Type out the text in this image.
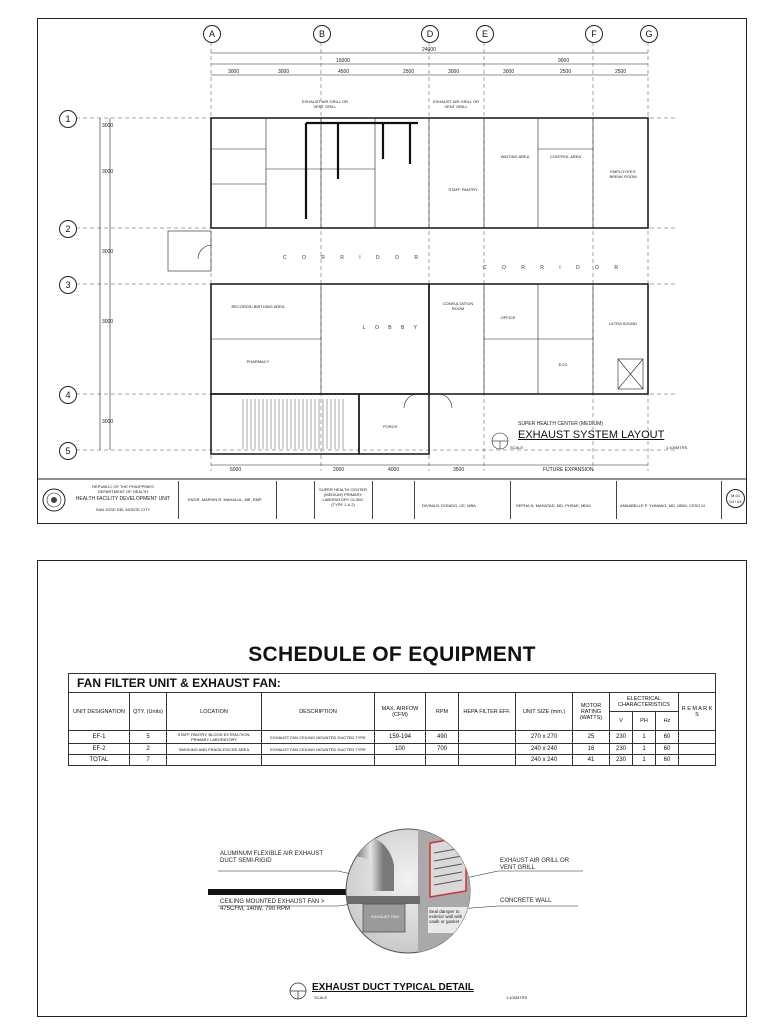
A	B	D	E	F	G
1
2
3
4
5
24000
15000	9000
3000	3000	4500	2500	3000	3000	2500	2500
3000
3000
3000
3000
3000
6000	2000	4000	3500	FUTURE EXPANSION
C O R R I D O R
C O R R I D O R
L O B B Y
PORCH
EXHAUST AIR GRILL OR VENT GRILL
EXHAUST AIR GRILL OR VENT GRILL
WAITING AREA
STAFF PANTRY
CONTROL AREA
EMPLOYEE'S BREAK ROOM
RECORDS/ BIRTHING AREA
PHARMACY
CONSULTATION ROOM
OFFICE
ULTRA SOUND
ECG
SUPER HEALTH CENTER (MEDIUM)
EXHAUST SYSTEM LAYOUT
SCALE	1:100MTRS
REPUBLIC OF THE PHILIPPINES
DEPARTMENT OF HEALTH
HEALTH FACILITY DEVELOPMENT UNIT
SAN JOSE DEL MONTE CITY
ENGR. MARVIN R. MAHALUL, ME, RMP
SUPER HEALTH CENTER (MEDIUM) PRIMARY LABORATORY CLINIC (TYPE 1 & 2)	DIVINA B. DONIDO, CE, MBA	SEPHA N. MAHATAD, MD, PHSAE, MDM	ANNABELLE P. YUMANG, MD, MDM, CESO III
M-01
04 / 04
SCHEDULE OF EQUIPMENT
FAN FILTER UNIT & EXHAUST FAN:												
UNIT DESIGNATION	QTY. (Units)	LOCATION	DESCRIPTION	MAX. AIRFOW (CFM)	RPM	HEPA FILTER EFF.	UNIT SIZE (mm.)	MOTOR RATING (WATTS)	ELECTRICAL CHARACTERISTICS			R E M A R K S
									V	PH	Hz	
EF-1	5	STAFF PANTRY, BLOOD EXTRACTION, PRIMARY LABORATORY	EXHAUST FAN CEILING MOUNTED DUCTED TYPE	159-194	490		270 x 270	25	230	1	60	
EF-2	2	SMOKING AND FRAGILES/CEE AREA	EXHAUST FAN CEILING MOUNTED DUCTED TYPE	100	700		240 x 240	16	230	1	60	
TOTAL	7						240 x 240	41	230	1	60	
ALUMINUM FLEXIBLE AIR EXHAUST DUCT SEMI-RIGID
CEILING MOUNTED EXHAUST FAN > 475CFM, 140W, 790 RPM
EXHAUST AIR GRILL OR VENT GRILL
CONCRETE WALL
Seal damper to exterior wall with caulk or gasket
EXHAUST FAN
EXHAUST DUCT TYPICAL DETAIL
SCALE	1:100MTRS
